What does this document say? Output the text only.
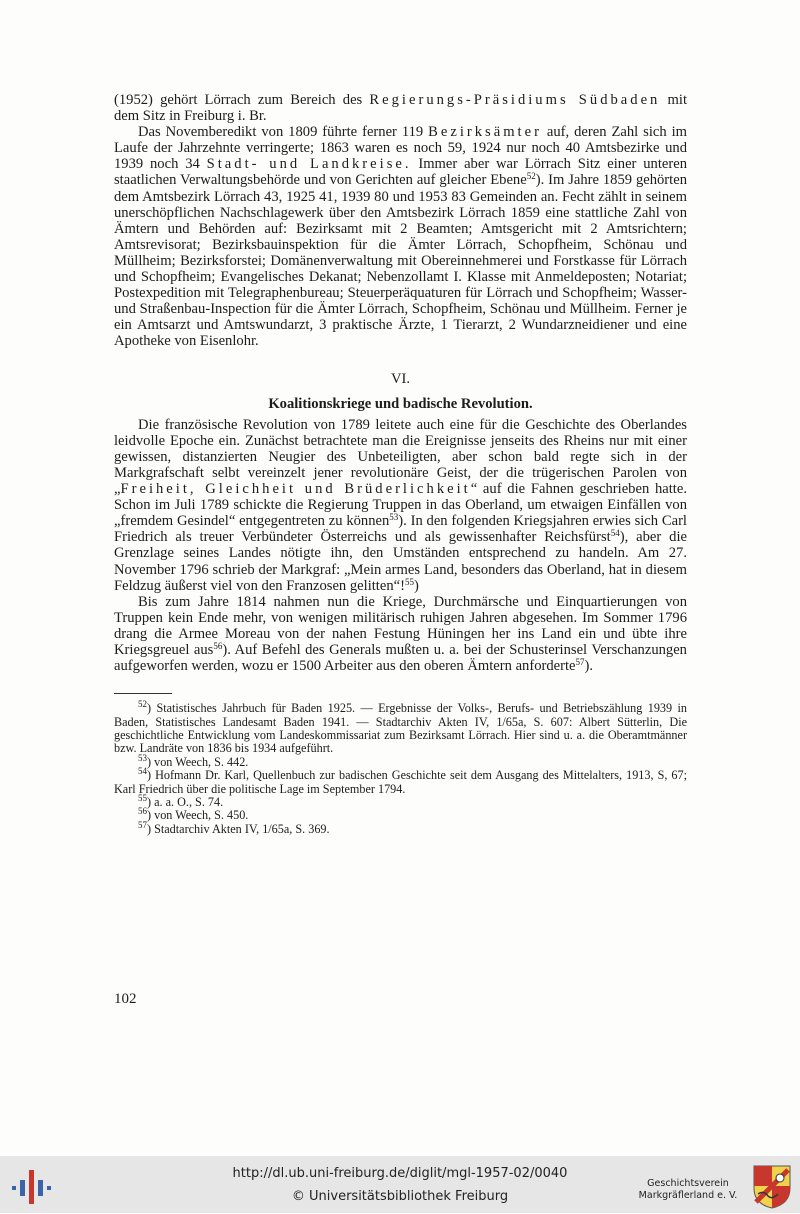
(1952) gehört Lörrach zum Bereich des Regierungs-Präsidiums Südbaden mit dem Sitz in Freiburg i. Br.

Das Novemberedikt von 1809 führte ferner 119 Bezirksämter auf, deren Zahl sich im Laufe der Jahrzehnte verringerte; 1863 waren es noch 59, 1924 nur noch 40 Amtsbezirke und 1939 noch 34 Stadt- und Landkreise. Immer aber war Lörrach Sitz einer unteren staatlichen Verwaltungsbehörde und von Gerichten auf gleicher Ebene$^{52}$). Im Jahre 1859 gehörten dem Amtsbezirk Lörrach 43, 1925 41, 1939 80 und 1953 83 Gemeinden an. Fecht zählt in seinem unerschöpflichen Nachschlagewerk über den Amtsbezirk Lörrach 1859 eine stattliche Zahl von Ämtern und Behörden auf: Bezirksamt mit 2 Beamten; Amtsgericht mit 2 Amtsrichtern; Amtsrevisorat; Bezirksbauinspektion für die Ämter Lörrach, Schopfheim, Schönau und Müllheim; Bezirksforstei; Domänenverwaltung mit Obereinnehmerei und Forstkasse für Lörrach und Schopfheim; Evangelisches Dekanat; Nebenzollamt I. Klasse mit Anmeldeposten; Notariat; Postexpedition mit Telegraphenbureau; Steuerperäquaturen für Lörrach und Schopfheim; Wasser- und Straßenbau-Inspection für die Ämter Lörrach, Schopfheim, Schönau und Müllheim. Ferner je ein Amtsarzt und Amtswundarzt, 3 praktische Ärzte, 1 Tierarzt, 2 Wundarzneidiener und eine Apotheke von Eisenlohr.

VI.
Koalitionskriege und badische Revolution.

Die französische Revolution von 1789 leitete auch eine für die Geschichte des Oberlandes leidvolle Epoche ein. Zunächst betrachtete man die Ereignisse jenseits des Rheins nur mit einer gewissen, distanzierten Neugier des Unbeteiligten, aber schon bald regte sich in der Markgrafschaft selbt vereinzelt jener revolutionäre Geist, der die trügerischen Parolen von „Freiheit, Gleichheit und Brüderlichkeit“ auf die Fahnen geschrieben hatte. Schon im Juli 1789 schickte die Regierung Truppen in das Oberland, um etwaigen Einfällen von „fremdem Gesindel“ entgegentreten zu können$^{53}$). In den folgenden Kriegsjahren erwies sich Carl Friedrich als treuer Verbündeter Österreichs und als gewissenhafter Reichsfürst$^{54}$), aber die Grenzlage seines Landes nötigte ihn, den Umständen entsprechend zu handeln. Am 27. November 1796 schrieb der Markgraf: „Mein armes Land, besonders das Oberland, hat in diesem Feldzug äußerst viel von den Franzosen gelitten“!$^{55}$)

Bis zum Jahre 1814 nahmen nun die Kriege, Durchmärsche und Einquartierungen von Truppen kein Ende mehr, von wenigen militärisch ruhigen Jahren abgesehen. Im Sommer 1796 drang die Armee Moreau von der nahen Festung Hüningen her ins Land ein und übte ihre Kriegsgreuel aus$^{56}$). Auf Befehl des Generals mußten u. a. bei der Schusterinsel Verschanzungen aufgeworfen werden, wozu er 1500 Arbeiter aus den oberen Ämtern anforderte$^{57}$).

$^{52}$) Statistisches Jahrbuch für Baden 1925. — Ergebnisse der Volks-, Berufs- und Betriebszählung 1939 in Baden, Statistisches Landesamt Baden 1941. — Stadtarchiv Akten IV, 1/65a, S. 607: Albert Sütterlin, Die geschichtliche Entwicklung vom Landeskommissariat zum Bezirksamt Lörrach. Hier sind u. a. die Oberamtmänner bzw. Landräte von 1836 bis 1934 aufgeführt.

$^{53}$) von Weech, S. 442.

$^{54}$) Hofmann Dr. Karl, Quellenbuch zur badischen Geschichte seit dem Ausgang des Mittelalters, 1913, S, 67; Karl Friedrich über die politische Lage im September 1794.

$^{55}$) a. a. O., S. 74.

$^{56}$) von Weech, S. 450.

$^{57}$) Stadtarchiv Akten IV, 1/65a, S. 369.

102
http://dl.ub.uni-freiburg.de/diglit/mgl-1957-02/0040
© Universitätsbibliothek Freiburg
Geschichtsverein
Markgräflerland e. V.
